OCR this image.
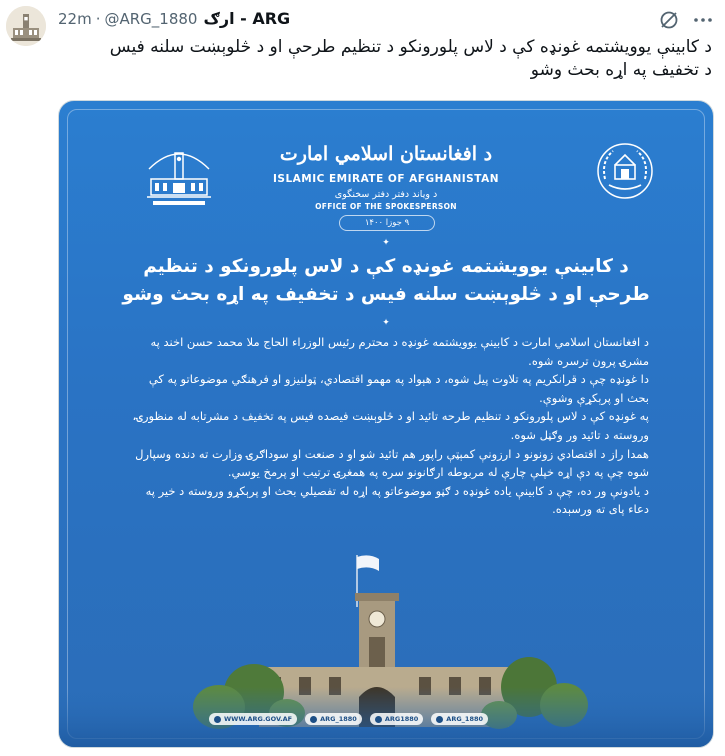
ARG - ارګ
@ARG_1880
·
22m
د کابینې یوویشتمه غونډه کې د لاس پلورونکو د تنظیم طرحې او د څلوېښت سلنه فیس
د تخفیف په اړه بحث وشو
د افغانستان اسلامي امارت
ISLAMIC EMIRATE OF AFGHANISTAN
د ویاند دفتر دفتر سخنگوی
OFFICE OF THE SPOKESPERSON
۹ جوزا ۱۴۰۰
✦
د کابینې یوویشتمه غونډه کې د لاس پلورونکو د تنظیم
طرحې او د څلوېښت سلنه فیس د تخفیف په اړه بحث وشو
✦

د افغانستان اسلامي امارت د کابینې یوویشتمه غونډه د محترم رئیس الوزراء الحاج ملا محمد حسن اخند په مشرۍ پرون ترسره شوه.

دا غونډه چې د قرانکریم په تلاوت پیل شوه، د هېواد په مهمو اقتصادي، ټولنیزو او فرهنګي موضوعاتو په کې بحث او پرېکړې وشوې.

په غونډه کې د لاس پلورونکو د تنظیم طرحه تائید او د څلوېښت فیصده فیس په تخفیف د مشرتابه له منظورۍ، وروسته د تائید ور وګڼل شوه.

همدا راز د اقتصادي زونونو د ارزونې کمېټې راپور هم تائید شو او د صنعت او سوداګرۍ وزارت ته دنده وسپارل شوه چې په دې اړه خپلې چارې له مربوطه ارګانونو سره په همغږۍ ترتیب او پرمخ یوسي.

د یادونې ور ده، چې د کابینې یاده غونډه د ګڼو موضوعاتو په اړه له تفصیلي بحث او پرېکړو وروسته د خیر په دعاء پای ته ورسېده.

WWW.ARG.GOV.AF	ARG_1880	ARG1880	ARG_1880
